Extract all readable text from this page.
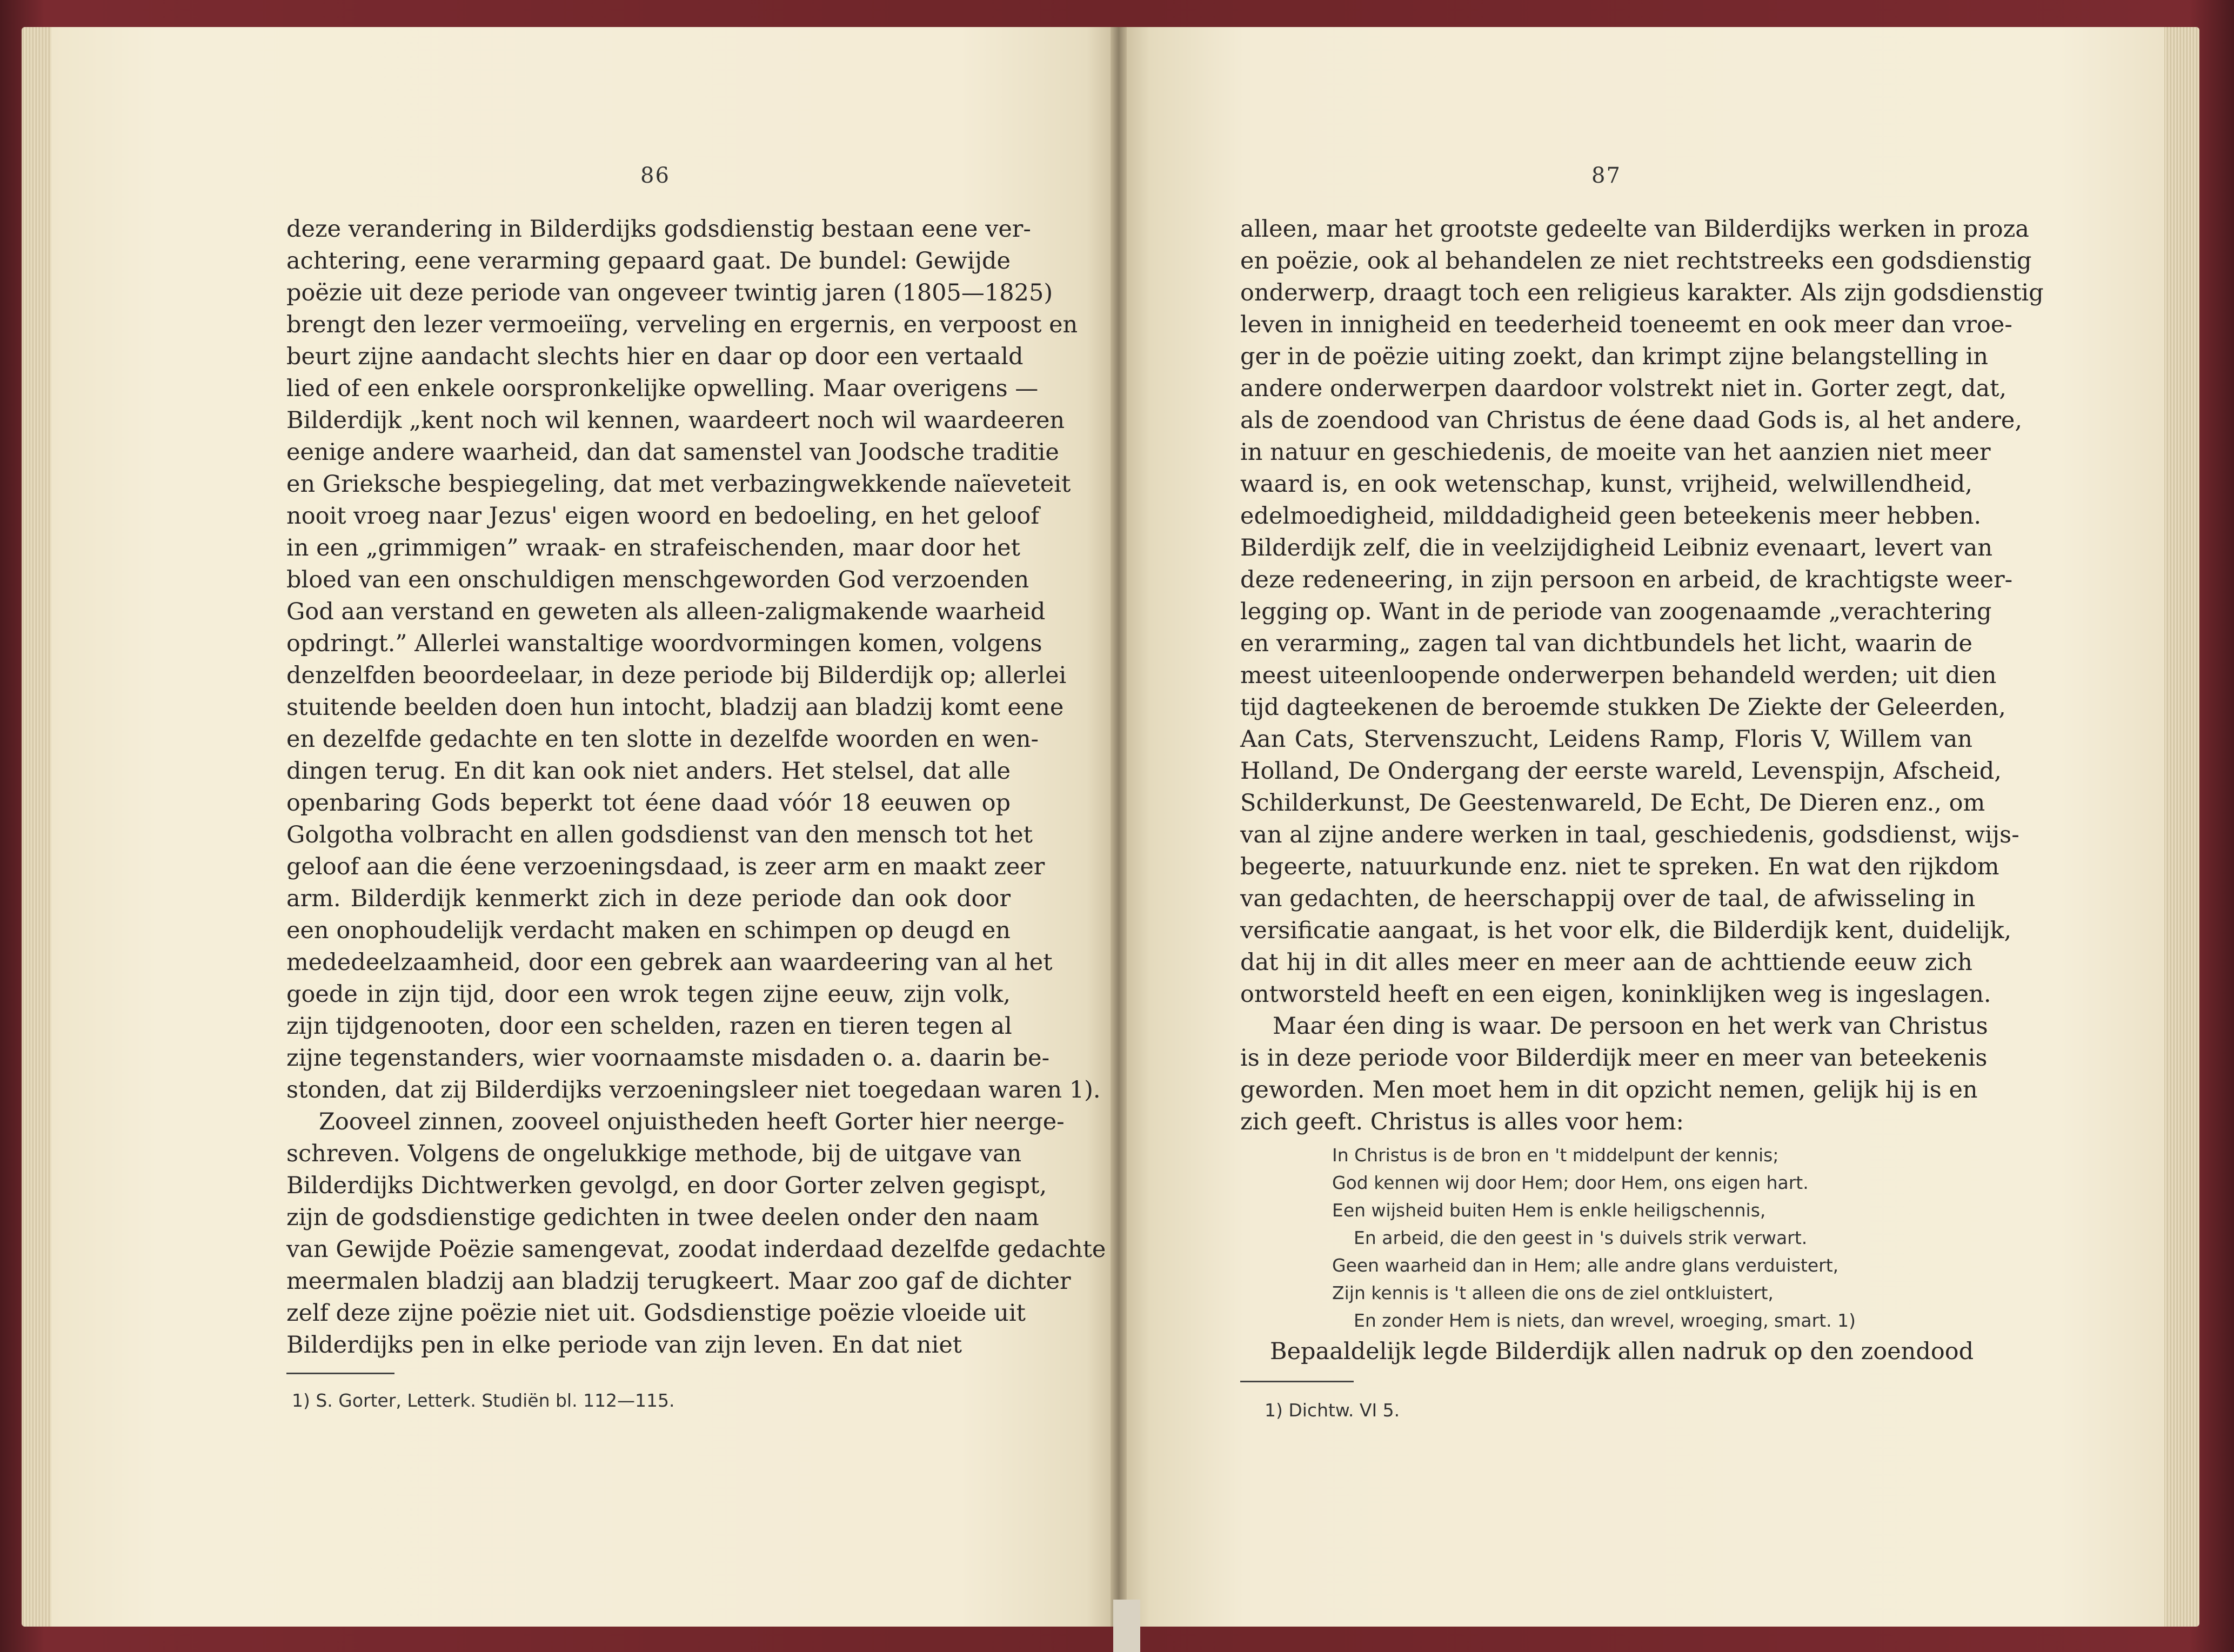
86
deze verandering in Bilderdijks godsdienstig bestaan eene ver-
achtering, eene verarming gepaard gaat. De bundel: Gewijde
poëzie uit deze periode van ongeveer twintig jaren (1805—1825)
brengt den lezer vermoeiïng, verveling en ergernis, en verpoost en
beurt zijne aandacht slechts hier en daar op door een vertaald
lied of een enkele oorspronkelijke opwelling. Maar overigens —
Bilderdijk „kent noch wil kennen, waardeert noch wil waardeeren
eenige andere waarheid, dan dat samenstel van Joodsche traditie
en Grieksche bespiegeling, dat met verbazingwekkende naïeveteit
nooit vroeg naar Jezus' eigen woord en bedoeling, en het geloof
in een „grimmigen” wraak- en strafeischenden, maar door het
bloed van een onschuldigen menschgeworden God verzoenden
God aan verstand en geweten als alleen-zaligmakende waarheid
opdringt.” Allerlei wanstaltige woordvormingen komen, volgens
denzelfden beoordeelaar, in deze periode bij Bilderdijk op; allerlei
stuitende beelden doen hun intocht, bladzij aan bladzij komt eene
en dezelfde gedachte en ten slotte in dezelfde woorden en wen-
dingen terug. En dit kan ook niet anders. Het stelsel, dat alle
openbaring Gods beperkt tot éene daad vóór 18 eeuwen op
Golgotha volbracht en allen godsdienst van den mensch tot het
geloof aan die éene verzoeningsdaad, is zeer arm en maakt zeer
arm. Bilderdijk kenmerkt zich in deze periode dan ook door
een onophoudelijk verdacht maken en schimpen op deugd en
mededeelzaamheid, door een gebrek aan waardeering van al het
goede in zijn tijd, door een wrok tegen zijne eeuw, zijn volk,
zijn tijdgenooten, door een schelden, razen en tieren tegen al
zijne tegenstanders, wier voornaamste misdaden o. a. daarin be-
stonden, dat zij Bilderdijks verzoeningsleer niet toegedaan waren 1).
Zooveel zinnen, zooveel onjuistheden heeft Gorter hier neerge-
schreven. Volgens de ongelukkige methode, bij de uitgave van
Bilderdijks Dichtwerken gevolgd, en door Gorter zelven gegispt,
zijn de godsdienstige gedichten in twee deelen onder den naam
van Gewijde Poëzie samengevat, zoodat inderdaad dezelfde gedachte
meermalen bladzij aan bladzij terugkeert. Maar zoo gaf de dichter
zelf deze zijne poëzie niet uit. Godsdienstige poëzie vloeide uit
Bilderdijks pen in elke periode van zijn leven. En dat niet
1) S. Gorter, Letterk. Studiën bl. 112—115.
87
alleen, maar het grootste gedeelte van Bilderdijks werken in proza
en poëzie, ook al behandelen ze niet rechtstreeks een godsdienstig
onderwerp, draagt toch een religieus karakter. Als zijn godsdienstig
leven in innigheid en teederheid toeneemt en ook meer dan vroe-
ger in de poëzie uiting zoekt, dan krimpt zijne belangstelling in
andere onderwerpen daardoor volstrekt niet in. Gorter zegt, dat,
als de zoendood van Christus de éene daad Gods is, al het andere,
in natuur en geschiedenis, de moeite van het aanzien niet meer
waard is, en ook wetenschap, kunst, vrijheid, welwillendheid,
edelmoedigheid, milddadigheid geen beteekenis meer hebben.
Bilderdijk zelf, die in veelzijdigheid Leibniz evenaart, levert van
deze redeneering, in zijn persoon en arbeid, de krachtigste weer-
legging op. Want in de periode van zoogenaamde „verachtering
en verarming„ zagen tal van dichtbundels het licht, waarin de
meest uiteenloopende onderwerpen behandeld werden; uit dien
tijd dagteekenen de beroemde stukken De Ziekte der Geleerden,
Aan Cats, Stervenszucht, Leidens Ramp, Floris V, Willem van
Holland, De Ondergang der eerste wareld, Levenspijn, Afscheid,
Schilderkunst, De Geestenwareld, De Echt, De Dieren enz., om
van al zijne andere werken in taal, geschiedenis, godsdienst, wijs-
begeerte, natuurkunde enz. niet te spreken. En wat den rijkdom
van gedachten, de heerschappij over de taal, de afwisseling in
versificatie aangaat, is het voor elk, die Bilderdijk kent, duidelijk,
dat hij in dit alles meer en meer aan de achttiende eeuw zich
ontworsteld heeft en een eigen, koninklijken weg is ingeslagen.
Maar éen ding is waar. De persoon en het werk van Christus
is in deze periode voor Bilderdijk meer en meer van beteekenis
geworden. Men moet hem in dit opzicht nemen, gelijk hij is en
zich geeft. Christus is alles voor hem:
In Christus is de bron en 't middelpunt der kennis;
God kennen wij door Hem; door Hem, ons eigen hart.
Een wijsheid buiten Hem is enkle heiligschennis,
En arbeid, die den geest in 's duivels strik verwart.
Geen waarheid dan in Hem; alle andre glans verduistert,
Zijn kennis is 't alleen die ons de ziel ontkluistert,
En zonder Hem is niets, dan wrevel, wroeging, smart. 1)
Bepaaldelijk legde Bilderdijk allen nadruk op den zoendood
1) Dichtw. VI 5.
